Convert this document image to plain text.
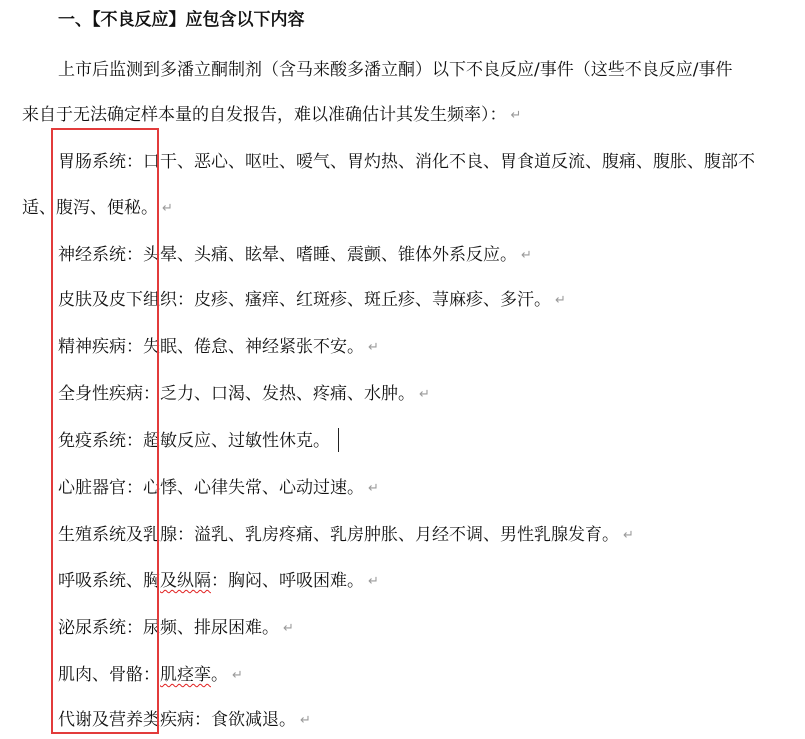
一、【不良反应】应包含以下内容
上市后监测到多潘立酮制剂（含马来酸多潘立酮）以下不良反应/事件（这些不良反应/事件
来自于无法确定样本量的自发报告，难以准确估计其发生频率）： ↵
胃肠系统：口干、恶心、呕吐、嗳气、胃灼热、消化不良、胃食道反流、腹痛、腹胀、腹部不
适、腹泻、便秘。 ↵
神经系统：头晕、头痛、眩晕、嗜睡、震颤、锥体外系反应。 ↵
皮肤及皮下组织：皮疹、瘙痒、红斑疹、斑丘疹、荨麻疹、多汗。 ↵
精神疾病：失眠、倦怠、神经紧张不安。 ↵
全身性疾病：乏力、口渴、发热、疼痛、水肿。 ↵
免疫系统：超敏反应、过敏性休克。
心脏器官：心悸、心律失常、心动过速。 ↵
生殖系统及乳腺：溢乳、乳房疼痛、乳房肿胀、月经不调、男性乳腺发育。 ↵
呼吸系统、胸及纵隔：胸闷、呼吸困难。 ↵
泌尿系统：尿频、排尿困难。 ↵
肌肉、骨骼：肌痉挛。 ↵
代谢及营养类疾病：食欲减退。 ↵
